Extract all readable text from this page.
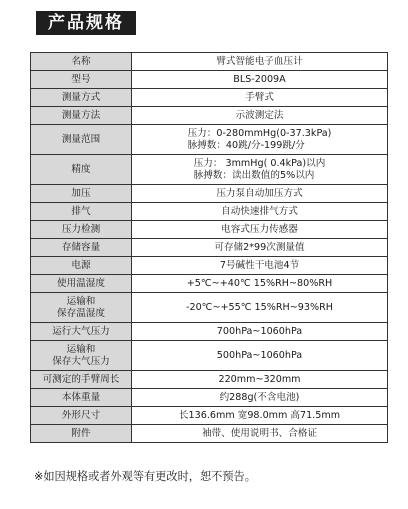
产品规格
名称	臂式智能电子血压计
型号	BLS-2009A
测量方式	手臂式
测量方法	示波测定法
测量范围	压力：0-280mmHg(0-37.3kPa)
脉搏数：40跳/分-199跳/分

精度	压力： 3mmHg( 0.4kPa)以内
脉搏数：读出数值的5%以内

加压	压力泵自动加压方式
排气	自动快速排气方式
压力检测	电容式压力传感器
存储容量	可存储2*99次测量值
电源	7号碱性干电池4节
使用温湿度	+5℃~+40℃ 15%RH~80%RH

运输和
保存温湿度	-20℃~+55℃ 15%RH~93%RH
运行大气压力	700hPa~1060hPa

运输和
保存大气压力	500hPa~1060hPa
可测定的手臂周长	220mm~320mm
本体重量	约288g(不含电池)
外形尺寸	长136.6mm 宽98.0mm 高71.5mm
附件	袖带、使用说明书、合格证
※如因规格或者外观等有更改时，恕不预告。
